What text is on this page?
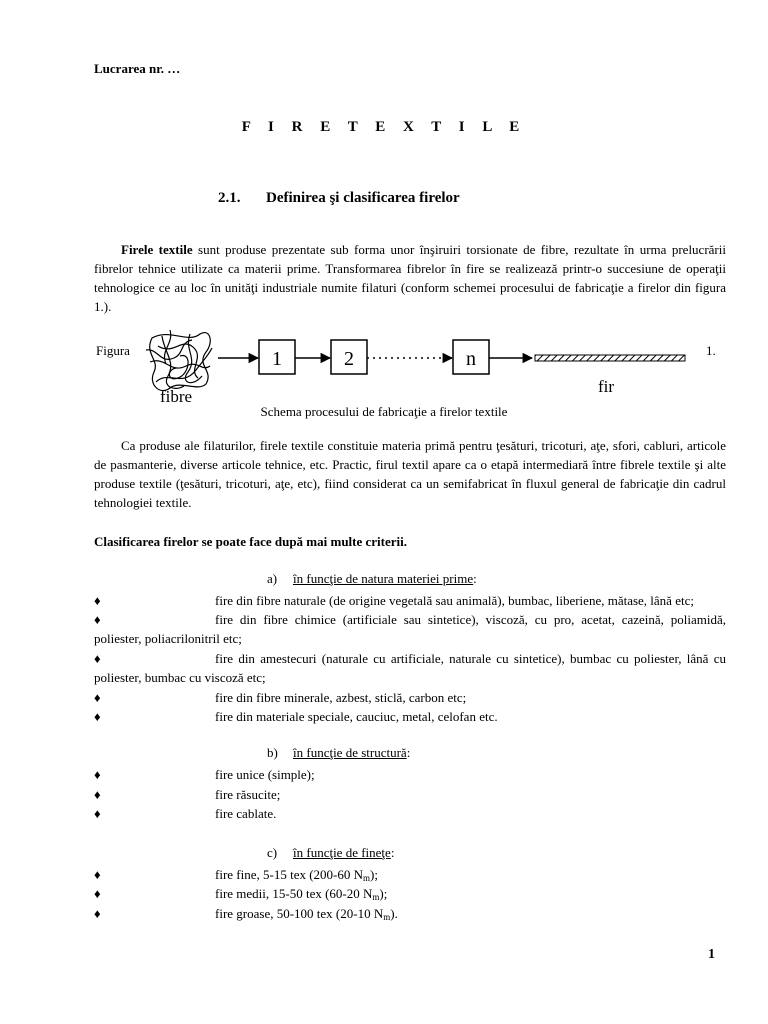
Lucrarea nr. …
F I R E T E X T I L E
2.1. Definirea şi clasificarea firelor
Firele textile sunt produse prezentate sub forma unor înşiruiri torsionate de fibre, rezultate în urma prelucrării fibrelor tehnice utilizate ca materii prime. Transformarea fibrelor în fire se realizează printr-o succesiune de operaţii tehnologice ce au loc în unităţi industriale numite filaturi (conform schemei procesului de fabricaţie a firelor din figura 1.).
Figura	1.
fibre
1	2	n
fir
Schema procesului de fabricaţie a firelor textile
Ca produse ale filaturilor, firele textile constituie materia primă pentru ţesături, tricoturi, aţe, sfori, cabluri, articole de pasmanterie, diverse articole tehnice, etc. Practic, firul textil apare ca o etapă intermediară între fibrele textile şi alte produse textile (ţesături, tricoturi, aţe, etc), fiind considerat ca un semifabricat în fluxul general de fabricaţie din cadrul tehnologiei textile.
Clasificarea firelor se poate face după mai multe criterii.
a) în funcţie de natura materiei prime:
♦	fire din fibre naturale (de origine vegetală sau animală), bumbac, liberiene, mătase, lână etc;
♦	fire din fibre chimice (artificiale sau sintetice), viscoză, cu pro, acetat, cazeină, poliamidă, poliester, poliacrilonitril etc;
♦	fire din amestecuri (naturale cu artificiale, naturale cu sintetice), bumbac cu poliester, lână cu poliester, bumbac cu viscoză etc;
♦	fire din fibre minerale, azbest, sticlă, carbon etc;
♦	fire din materiale speciale, cauciuc, metal, celofan etc.
b) în funcţie de structură:
♦	fire unice (simple);
♦	fire răsucite;
♦	fire cablate.
c) în funcţie de fineţe:
♦	fire fine, 5-15 tex (200-60 $N_m$);
♦	fire medii, 15-50 tex (60-20 $N_m$);
♦	fire groase, 50-100 tex (20-10 $N_m$).
1
